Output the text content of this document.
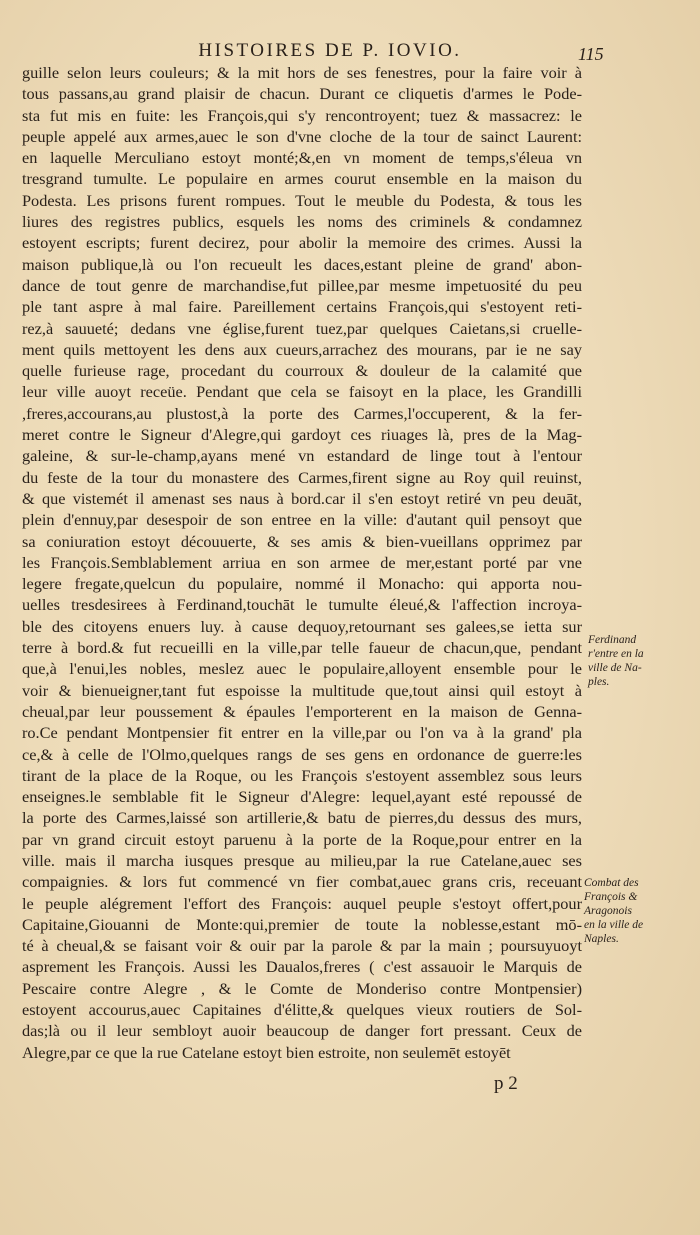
HISTOIRES DE P. IOVIO.	115
guille selon leurs couleurs; & la mit hors de ses fenestres, pour la faire voir à
tous passans,au grand plaisir de chacun. Durant ce cliquetis d'armes le Pode-
sta fut mis en fuite: les François,qui s'y rencontroyent; tuez & massacrez: le
peuple appelé aux armes,auec le son d'vne cloche de la tour de sainct Laurent:
en laquelle Merculiano estoyt monté;&,en vn moment de temps,s'éleua vn
tresgrand tumulte. Le populaire en armes courut ensemble en la maison du
Podesta. Les prisons furent rompues. Tout le meuble du Podesta, & tous les
liures des registres publics, esquels les noms des criminels & condamnez
estoyent escripts; furent decirez, pour abolir la memoire des crimes. Aussi la
maison publique,là ou l'on recueult les daces,estant pleine de grand' abon-
dance de tout genre de marchandise,fut pillee,par mesme impetuosité du peu
ple tant aspre à mal faire. Pareillement certains François,qui s'estoyent reti-
rez,à sauueté; dedans vne église,furent tuez,par quelques Caietans,si cruelle-
ment quils mettoyent les dens aux cueurs,arrachez des mourans, par ie ne say
quelle furieuse rage, procedant du courroux & douleur de la calamité que
leur ville auoyt receüe. Pendant que cela se faisoyt en la place, les Grandilli
,freres,accourans,au plustost,à la porte des Carmes,l'occuperent, & la fer-
meret contre le Signeur d'Alegre,qui gardoyt ces riuages là, pres de la Mag-
galeine, & sur-le-champ,ayans mené vn estandard de linge tout à l'entour
du feste de la tour du monastere des Carmes,firent signe au Roy quil reuinst,
& que vistemét il amenast ses naus à bord.car il s'en estoyt retiré vn peu deuāt,
plein d'ennuy,par desespoir de son entree en la ville: d'autant quil pensoyt que
sa coniuration estoyt découuerte, & ses amis & bien-vueillans opprimez par
les François.Semblablement arriua en son armee de mer,estant porté par vne
legere fregate,quelcun du populaire, nommé il Monacho: qui apporta nou-
uelles tresdesirees à Ferdinand,touchāt le tumulte éleué,& l'affection incroya-
ble des citoyens enuers luy. à cause dequoy,retournant ses galees,se ietta sur
terre à bord.& fut recueilli en la ville,par telle faueur de chacun,que, pendant
que,à l'enui,les nobles, meslez auec le populaire,alloyent ensemble pour le
voir & bienueigner,tant fut espoisse la multitude que,tout ainsi quil estoyt à
cheual,par leur poussement & épaules l'emporterent en la maison de Genna-
ro.Ce pendant Montpensier fit entrer en la ville,par ou l'on va à la grand' pla
ce,& à celle de l'Olmo,quelques rangs de ses gens en ordonance de guerre:les
tirant de la place de la Roque, ou les François s'estoyent assemblez sous leurs
enseignes.le semblable fit le Signeur d'Alegre: lequel,ayant esté repoussé de
la porte des Carmes,laissé son artillerie,& batu de pierres,du dessus des murs,
par vn grand circuit estoyt paruenu à la porte de la Roque,pour entrer en la
ville. mais il marcha iusques presque au milieu,par la rue Catelane,auec ses
compaignies. & lors fut commencé vn fier combat,auec grans cris, receuant
le peuple alégrement l'effort des François: auquel peuple s'estoyt offert,pour
Capitaine,Giouanni de Monte:qui,premier de toute la noblesse,estant mō-
té à cheual,& se faisant voir & ouir par la parole & par la main ; poursuyuoyt
asprement les François. Aussi les Daualos,freres ( c'est assauoir le Marquis de
Pescaire contre Alegre , & le Comte de Monderiso contre Montpensier)
estoyent accourus,auec Capitaines d'élitte,& quelques vieux routiers de Sol-
das;là ou il leur sembloyt auoir beaucoup de danger fort pressant. Ceux de
Alegre,par ce que la rue Catelane estoyt bien estroite, non seulemēt estoyēt
Ferdinand
r'entre en la
ville de Na-
ples.
Combat des
François &
Aragonois
en la ville de
Naples.
p 2
